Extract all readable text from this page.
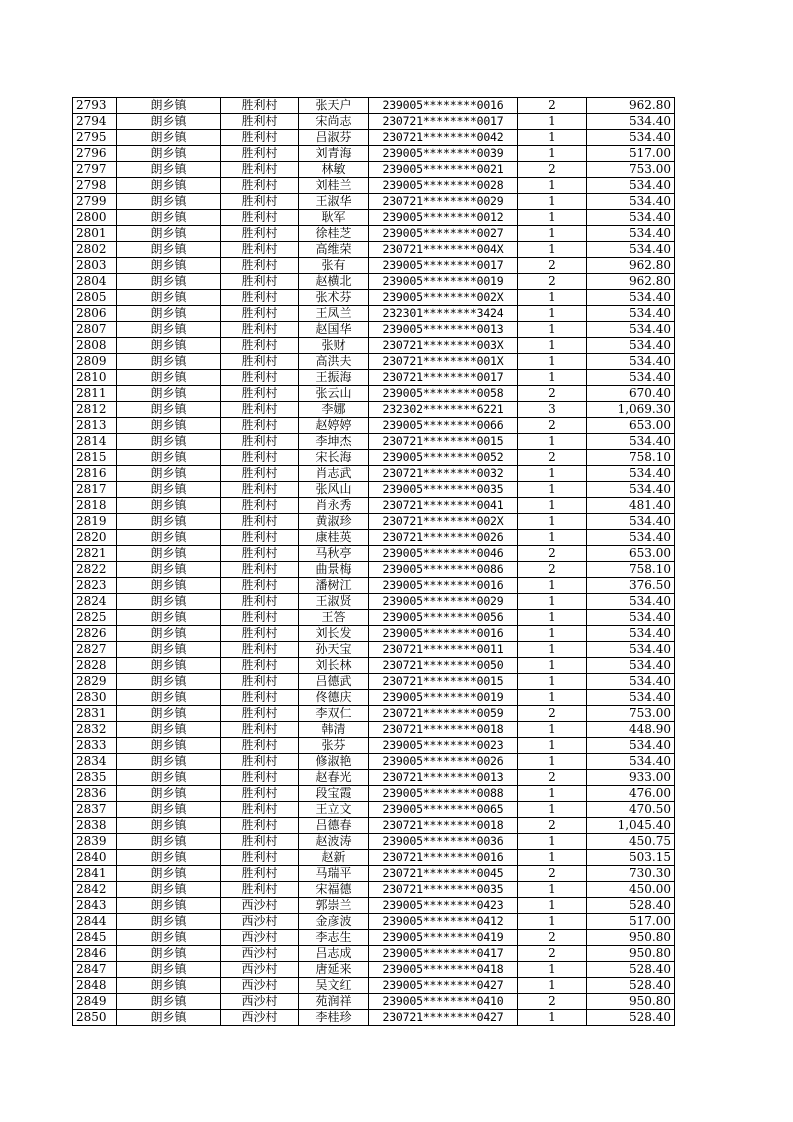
2793	朗乡镇	胜利村	张天户	239005********0016	2	962.80
2794	朗乡镇	胜利村	宋尚志	230721********0017	1	534.40
2795	朗乡镇	胜利村	吕淑芬	230721********0042	1	534.40
2796	朗乡镇	胜利村	刘青海	239005********0039	1	517.00
2797	朗乡镇	胜利村	林敏	239005********0021	2	753.00
2798	朗乡镇	胜利村	刘桂兰	239005********0028	1	534.40
2799	朗乡镇	胜利村	王淑华	230721********0029	1	534.40
2800	朗乡镇	胜利村	耿军	239005********0012	1	534.40
2801	朗乡镇	胜利村	徐桂芝	239005********0027	1	534.40
2802	朗乡镇	胜利村	高维荣	230721********004X	1	534.40
2803	朗乡镇	胜利村	张有	239005********0017	2	962.80
2804	朗乡镇	胜利村	赵横北	239005********0019	2	962.80
2805	朗乡镇	胜利村	张术芬	239005********002X	1	534.40
2806	朗乡镇	胜利村	王凤兰	232301********3424	1	534.40
2807	朗乡镇	胜利村	赵国华	239005********0013	1	534.40
2808	朗乡镇	胜利村	张财	230721********003X	1	534.40
2809	朗乡镇	胜利村	高洪夫	230721********001X	1	534.40
2810	朗乡镇	胜利村	王振海	230721********0017	1	534.40
2811	朗乡镇	胜利村	张云山	239005********0058	2	670.40
2812	朗乡镇	胜利村	李娜	232302********6221	3	1,069.30
2813	朗乡镇	胜利村	赵婷婷	239005********0066	2	653.00
2814	朗乡镇	胜利村	李坤杰	230721********0015	1	534.40
2815	朗乡镇	胜利村	宋长海	239005********0052	2	758.10
2816	朗乡镇	胜利村	肖志武	230721********0032	1	534.40
2817	朗乡镇	胜利村	张风山	239005********0035	1	534.40
2818	朗乡镇	胜利村	肖永秀	230721********0041	1	481.40
2819	朗乡镇	胜利村	黄淑珍	230721********002X	1	534.40
2820	朗乡镇	胜利村	康桂英	230721********0026	1	534.40
2821	朗乡镇	胜利村	马秋亭	239005********0046	2	653.00
2822	朗乡镇	胜利村	曲景梅	239005********0086	2	758.10
2823	朗乡镇	胜利村	潘树江	239005********0016	1	376.50
2824	朗乡镇	胜利村	王淑贤	239005********0029	1	534.40
2825	朗乡镇	胜利村	王答	239005********0056	1	534.40
2826	朗乡镇	胜利村	刘长发	239005********0016	1	534.40
2827	朗乡镇	胜利村	孙天宝	230721********0011	1	534.40
2828	朗乡镇	胜利村	刘长林	230721********0050	1	534.40
2829	朗乡镇	胜利村	吕德武	230721********0015	1	534.40
2830	朗乡镇	胜利村	佟德庆	239005********0019	1	534.40
2831	朗乡镇	胜利村	李双仁	230721********0059	2	753.00
2832	朗乡镇	胜利村	韩清	230721********0018	1	448.90
2833	朗乡镇	胜利村	张芬	239005********0023	1	534.40
2834	朗乡镇	胜利村	修淑艳	239005********0026	1	534.40
2835	朗乡镇	胜利村	赵春光	230721********0013	2	933.00
2836	朗乡镇	胜利村	段宝霞	239005********0088	1	476.00
2837	朗乡镇	胜利村	王立文	239005********0065	1	470.50
2838	朗乡镇	胜利村	吕德春	230721********0018	2	1,045.40
2839	朗乡镇	胜利村	赵波涛	239005********0036	1	450.75
2840	朗乡镇	胜利村	赵新	230721********0016	1	503.15
2841	朗乡镇	胜利村	马瑞平	230721********0045	2	730.30
2842	朗乡镇	胜利村	宋福德	230721********0035	1	450.00
2843	朗乡镇	西沙村	郭崇兰	239005********0423	1	528.40
2844	朗乡镇	西沙村	金彦波	239005********0412	1	517.00
2845	朗乡镇	西沙村	李志生	239005********0419	2	950.80
2846	朗乡镇	西沙村	吕志成	239005********0417	2	950.80
2847	朗乡镇	西沙村	唐延来	239005********0418	1	528.40
2848	朗乡镇	西沙村	吴文红	239005********0427	1	528.40
2849	朗乡镇	西沙村	苑润祥	239005********0410	2	950.80
2850	朗乡镇	西沙村	李桂珍	230721********0427	1	528.40
